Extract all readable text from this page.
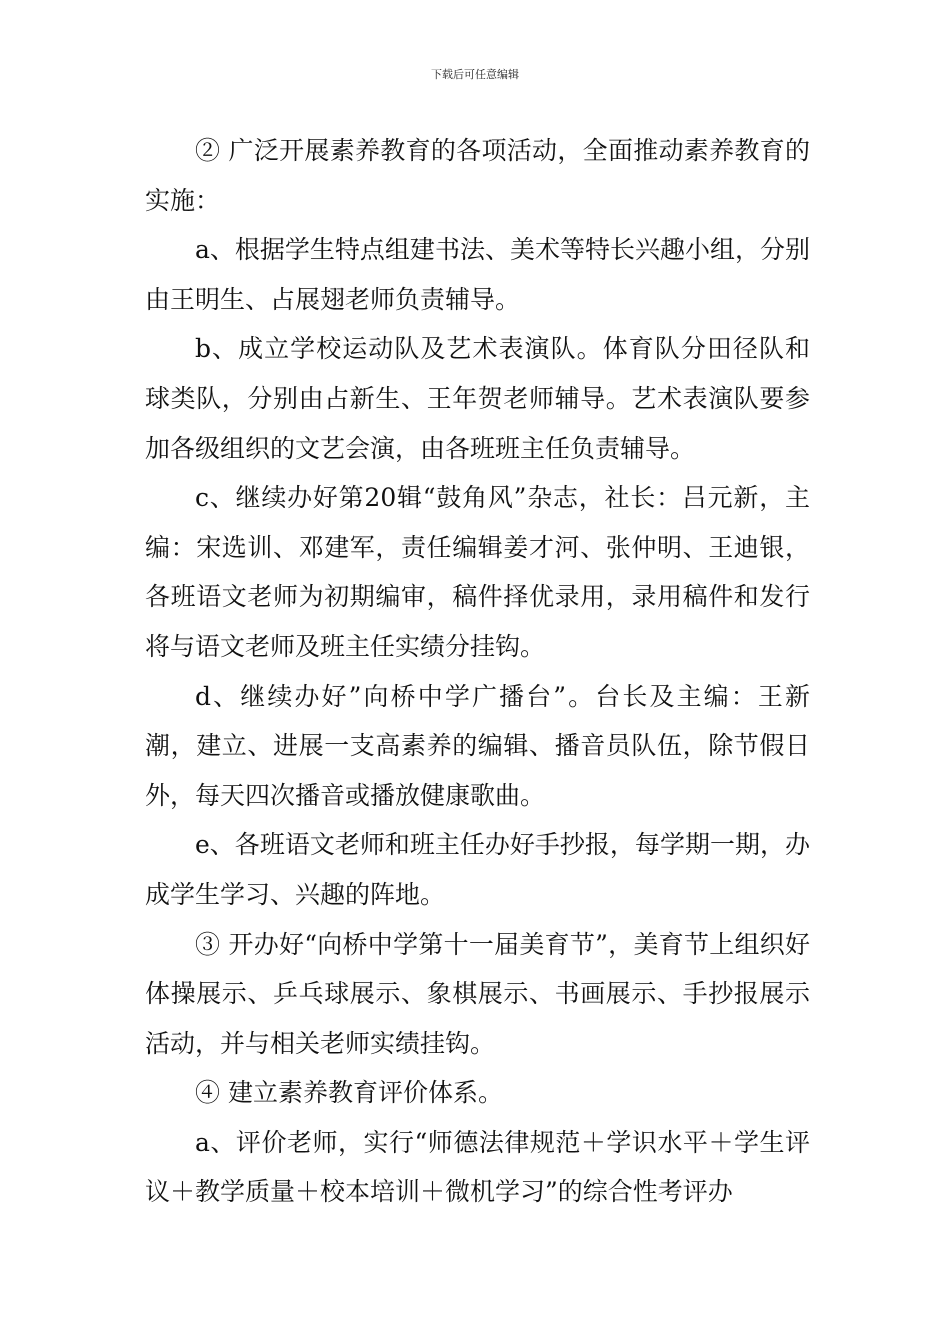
下载后可任意编辑

② 广泛开展素养教育的各项活动，全面推动素养教育的实施：

a、根据学生特点组建书法、美术等特长兴趣小组，分别由王明生、占展翅老师负责辅导。

b、成立学校运动队及艺术表演队。体育队分田径队和球类队，分别由占新生、王年贺老师辅导。艺术表演队要参加各级组织的文艺会演，由各班班主任负责辅导。

c、继续办好第20辑“鼓角风”杂志，社长：吕元新，主编：宋选训、邓建军，责任编辑姜才河、张仲明、王迪银，各班语文老师为初期编审，稿件择优录用，录用稿件和发行将与语文老师及班主任实绩分挂钩。

d、继续办好”向桥中学广播台”。台长及主编：王新潮，建立、进展一支高素养的编辑、播音员队伍，除节假日外，每天四次播音或播放健康歌曲。

e、各班语文老师和班主任办好手抄报，每学期一期，办成学生学习、兴趣的阵地。

③ 开办好“向桥中学第十一届美育节”，美育节上组织好体操展示、乒乓球展示、象棋展示、书画展示、手抄报展示活动，并与相关老师实绩挂钩。

④ 建立素养教育评价体系。

a、评价老师，实行“师德法律规范＋学识水平＋学生评议＋教学质量＋校本培训＋微机学习”的综合性考评办
